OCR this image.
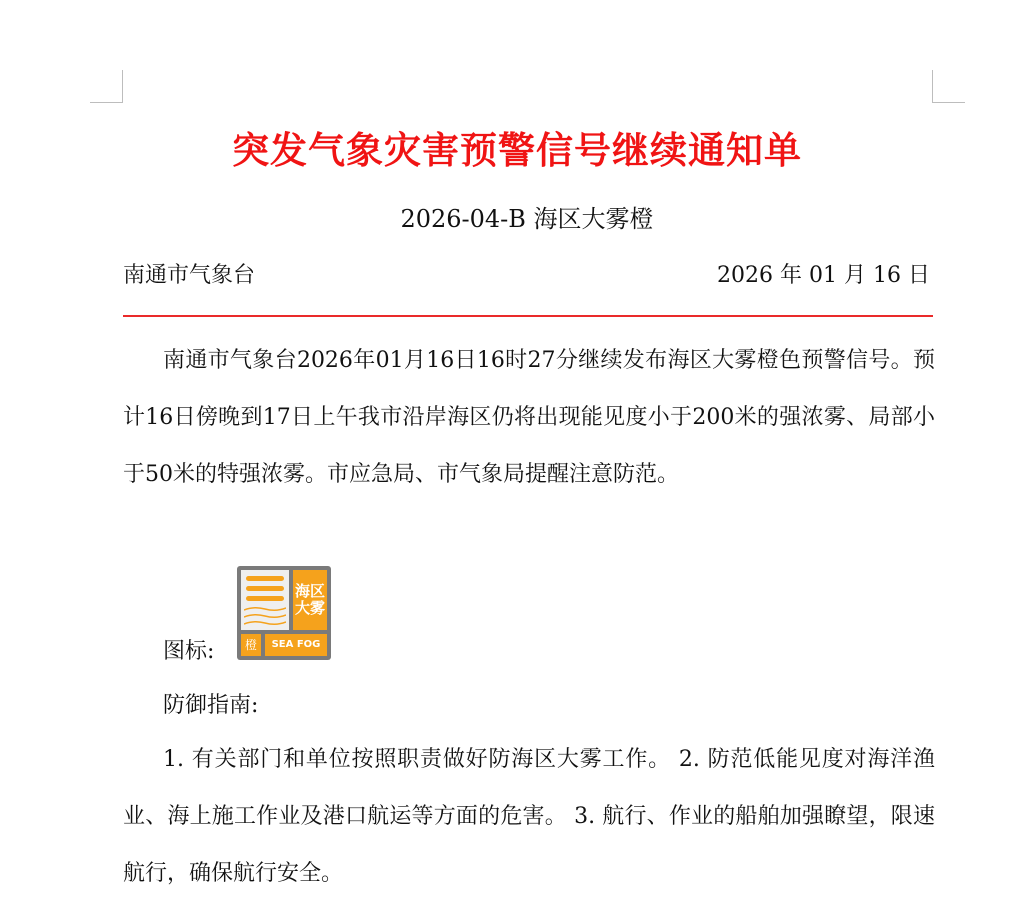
突发气象灾害预警信号继续通知单
2026-04-B 海区大雾橙
南通市气象台	2026 年 01 月 16 日
南通市气象台2026年01月16日16时27分继续发布海区大雾橙色预警信号。预计16日傍晚到17日上午我市沿岸海区仍将出现能见度小于200米的强浓雾、局部小于50米的特强浓雾。市应急局、市气象局提醒注意防范。
图标:
海区
大雾
橙	SEA FOG
防御指南:
1. 有关部门和单位按照职责做好防海区大雾工作。 2. 防范低能见度对海洋渔业、海上施工作业及港口航运等方面的危害。 3. 航行、作业的船舶加强瞭望，限速航行，确保航行安全。
